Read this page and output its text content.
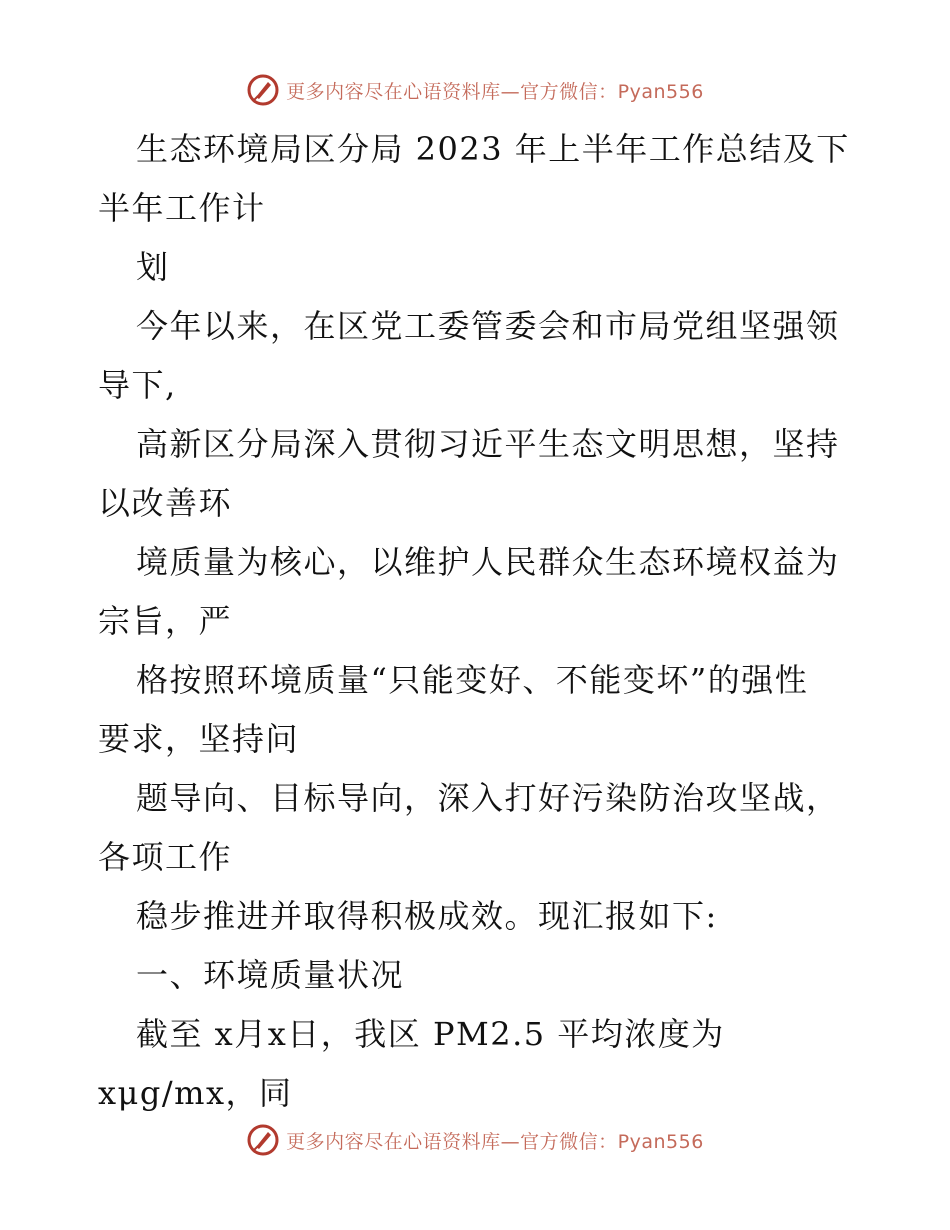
更多内容尽在心语资料库—官方微信：Pyan556
生态环境局区分局 2023 年上半年工作总结及下
半年工作计
划
今年以来，在区党工委管委会和市局党组坚强领
导下,
高新区分局深入贯彻习近平生态文明思想，坚持
以改善环
境质量为核心，以维护人民群众生态环境权益为
宗旨，严
格按照环境质量“只能变好、不能变坏”的强性
要求，坚持问
题导向、目标导向，深入打好污染防治攻坚战，
各项工作
稳步推进并取得积极成效。现汇报如下:
一、环境质量状况
截至 x月x日，我区 PM2.5 平均浓度为
xμg/mx，同
更多内容尽在心语资料库—官方微信：Pyan556
